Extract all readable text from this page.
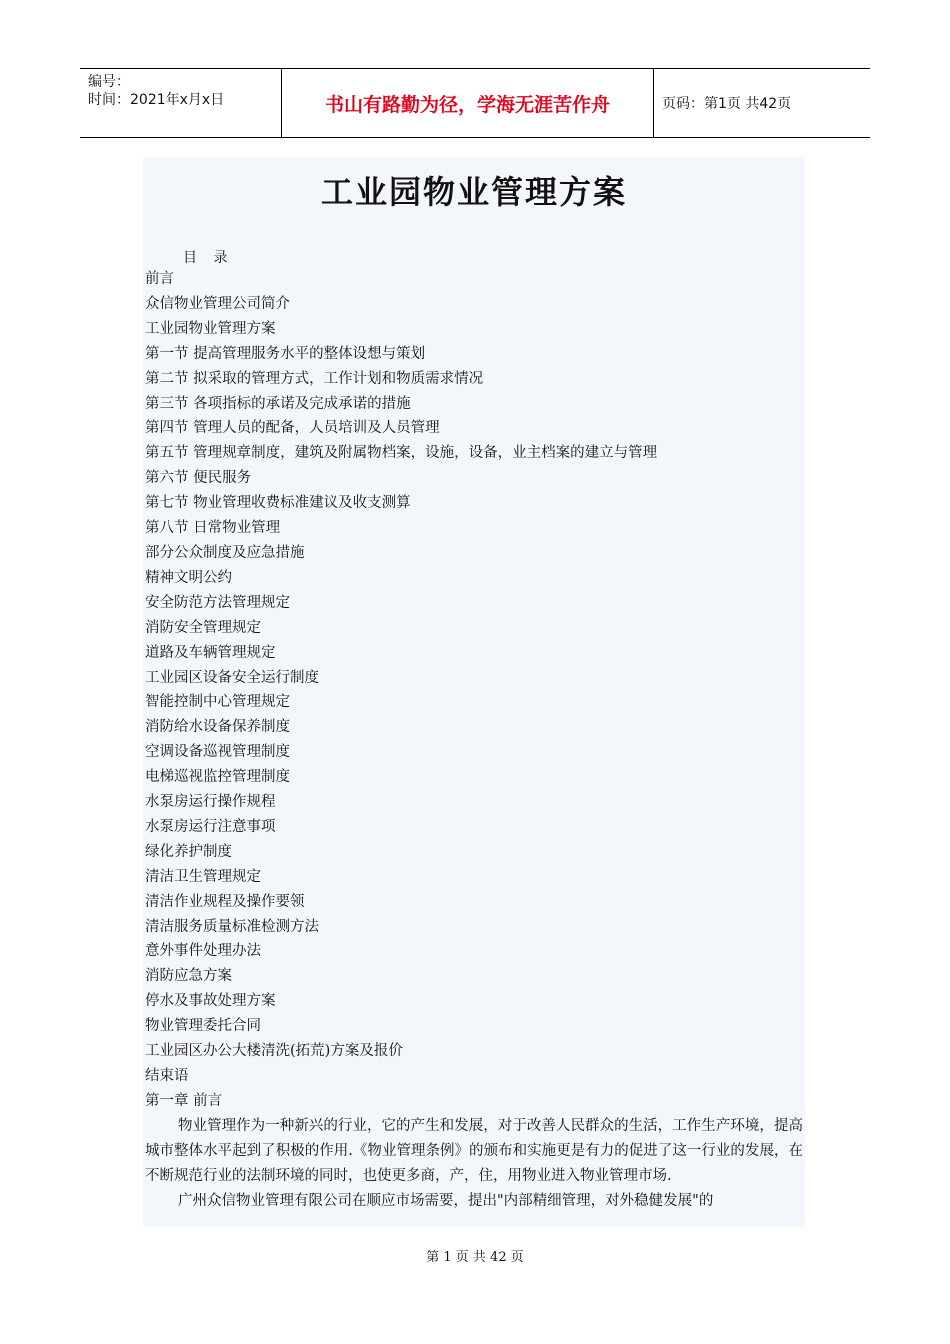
编号：
时间：2021年x月x日	书山有路勤为径，学海无涯苦作舟	页码：第1页 共42页
工业园物业管理方案
目 录
前言
众信物业管理公司简介
工业园物业管理方案
第一节 提高管理服务水平的整体设想与策划
第二节 拟采取的管理方式，工作计划和物质需求情况
第三节 各项指标的承诺及完成承诺的措施
第四节 管理人员的配备，人员培训及人员管理
第五节 管理规章制度，建筑及附属物档案，设施，设备，业主档案的建立与管理
第六节 便民服务
第七节 物业管理收费标准建议及收支测算
第八节 日常物业管理
部分公众制度及应急措施
精神文明公约
安全防范方法管理规定
消防安全管理规定
道路及车辆管理规定
工业园区设备安全运行制度
智能控制中心管理规定
消防给水设备保养制度
空调设备巡视管理制度
电梯巡视监控管理制度
水泵房运行操作规程
水泵房运行注意事项
绿化养护制度
清洁卫生管理规定
清洁作业规程及操作要领
清洁服务质量标准检测方法
意外事件处理办法
消防应急方案
停水及事故处理方案
物业管理委托合同
工业园区办公大楼清洗(拓荒)方案及报价
结束语
第一章 前言

物业管理作为一种新兴的行业，它的产生和发展，对于改善人民群众的生活，工作生产环境，提高城市整体水平起到了积极的作用.《物业管理条例》的颁布和实施更是有力的促进了这一行业的发展，在不断规范行业的法制环境的同时，也使更多商，产，住，用物业进入物业管理市场.

广州众信物业管理有限公司在顺应市场需要，提出"内部精细管理，对外稳健发展"的

第 1 页 共 42 页
